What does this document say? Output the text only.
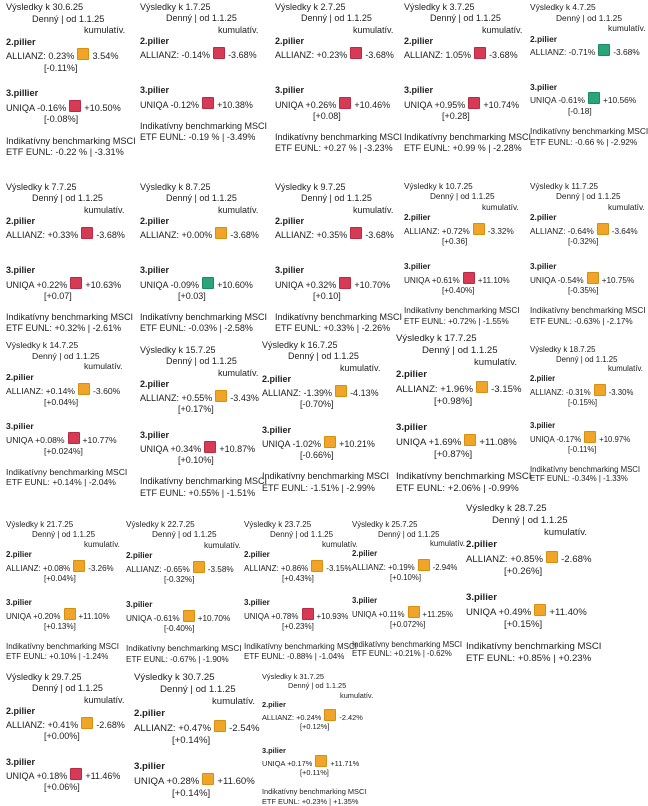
Výsledky k 30.6.25
Denný | od 1.1.25
kumulatív.
2.pilier
ALLIANZ: 0.23% 3.54%
[-0.11%]
3.pillier
UNIQA -0.16% +10.50%
[-0.08%]
Indikatívny benchmarking MSCI
ETF EUNL: -0.22 % | -3.31%
Výsledky k 1.7.25
Denný | od 1.1.25
kumulatív.
2.pilier
ALLIANZ: -0.14% -3.68%
3.pilier
UNIQA -0.12% +10.38%
Indikatívny benchmarking MSCI
ETF EUNL: -0.19 % | -3.49%
Výsledky k 2.7.25
Denný | od 1.1.25
kumulatív.
2.pilier
ALLIANZ: +0.23% -3.68%
3.pilier
UNIQA +0.26% +10.46%
[+0.08]
Indikatívny benchmarking MSCI
ETF EUNL: +0.27 % | -3.23%
Výsledky k 3.7.25
Denný | od 1.1.25
kumulatív.
2.pilier
ALLIANZ: 1.05% -3.68%
3.pilier
UNIQA +0.95% +10.74%
[+0.28]
Indikatívny benchmarking MSCI
ETF EUNL: +0.99 % | -2.28%
Výsledky k 4.7.25
Denný | od 1.1.25
kumulatív.
2.pilier
ALLIANZ: -0.71% -3.68%
3.pilier
UNIQA -0.61% +10.56%
[-0.18]
Indikatívny benchmarking MSCI
ETF EUNL: -0.66 % | -2.92%
Výsledky k 7.7.25
Denný | od 1.1.25
kumulatív.
2.pilier
ALLIANZ: +0.33% -3.68%
3.pilier
UNIQA +0.22% +10.63%
[+0.07]
Indikatívny benchmarking MSCI
ETF EUNL: +0.32% | -2.61%
Výsledky k 8.7.25
Denný | od 1.1.25
kumulatív.
2.pilier
ALLIANZ: +0.00% -3.68%
3.pilier
UNIQA -0.09% +10.60%
[+0.03]
Indikatívny benchmarking MSCI
ETF EUNL: -0.03% | -2.58%
Výsledky k 9.7.25
Denný | od 1.1.25
kumulatív.
2.pilier
ALLIANZ: +0.35% -3.68%
3.pilier
UNIQA +0.32% +10.70%
[+0.10]
Indikatívny benchmarking MSCI
ETF EUNL: +0.33% | -2.26%
Výsledky k 10.7.25
Denný | od 1.1.25
kumulatív.
2.pilier
ALLIANZ: +0.72% -3.32%
[+0.36]
3.pilier
UNIQA +0.61% +11.10%
[+0.40%]
Indikatívny benchmarking MSCI
ETF EUNL: +0.72% | -1.55%
Výsledky k 11.7.25
Denný | od 1.1.25
kumulatív.
2.pilier
ALLIANZ: -0.64% -3.64%
[-0.32%]
3.pilier
UNIQA -0.54% +10.75%
[-0.35%]
Indikatívny benchmarking MSCI
ETF EUNL: -0.63% | -2.17%
Výsledky k 14.7.25
Denný | od 1.1.25
kumulatív.
2.pilier
ALLIANZ: +0.14% -3.60%
[+0.04%]
3.pilier
UNIQA +0.08% +10.77%
[+0.024%]
Indikatívny benchmarking MSCI
ETF EUNL: +0.14% | -2.04%
Výsledky k 15.7.25
Denný | od 1.1.25
kumulatív.
2.pilier
ALLIANZ: +0.55% -3.43%
[+0.17%]
3.pilier
UNIQA +0.34% +10.87%
[+0.10%]
Indikatívny benchmarking MSCI
ETF EUNL: +0.55% | -1.51%
Výsledky k 16.7.25
Denný | od 1.1.25
kumulatív.
2.pilier
ALLIANZ: -1.39% -4.13%
[-0.70%]
3.pilier
UNIQA -1.02% +10.21%
[-0.66%]
Indikatívny benchmarking MSCI
ETF EUNL: -1.51% | -2.99%
Výsledky k 17.7.25
Denný | od 1.1.25
kumulatív.
2.pilier
ALLIANZ: +1.96% -3.15%
[+0.98%]
3.pilier
UNIQA +1.69% +11.08%
[+0.87%]
Indikatívny benchmarking MSCI
ETF EUNL: +2.06% | -0.99%
Výsledky k 18.7.25
Denný | od 1.1.25
kumulatív.
2.pilier
ALLIANZ: -0.31% -3.30%
[-0.15%]
3.pilier
UNIQA -0.17% +10.97%
[-0.11%]
Indikatívny benchmarking MSCI
ETF EUNL: -0.34% | -1.33%
Výsledky k 21.7.25
Denný | od 1.1.25
kumulatív.
2.pilier
ALLIANZ: +0.08% -3.26%
[+0.04%]
3.pilier
UNIQA +0.20% +11.10%
[+0.13%]
Indikatívny benchmarking MSCI
ETF EUNL: +0.10% | -1.24%
Výsledky k 22.7.25
Denný | od 1.1.25
kumulatív.
2.pilier
ALLIANZ: -0.65% -3.58%
[-0.32%]
3.pilier
UNIQA -0.61% +10.70%
[-0.40%]
Indikatívny benchmarking MSCI
ETF EUNL: -0.67% | -1.90%
Výsledky k 23.7.25
Denný | od 1.1.25
kumulatív.
2.pilier
ALLIANZ: +0.86% -3.15%
[+0.43%]
3.pilier
UNIQA +0.78% +10.93%
[+0.23%]
Indikatívny benchmarking MSCI
ETF EUNL: -0.88% | -1.04%
Výsledky k 25.7.25
Denný | od 1.1.25
kumulatív.
2.pilier
ALLIANZ: +0.19% -2.94%
[+0.10%]
3.pilier
UNIQA +0.11% +11.25%
[+0.072%]
Indikatívny benchmarking MSCI
ETF EUNL: +0.21% | -0.62%
Výsledky k 28.7.25
Denný | od 1.1.25
kumulatív.
2.pilier
ALLIANZ: +0.85% -2.68%
[+0.26%]
3.pilier
UNIQA +0.49% +11.40%
[+0.15%]
Indikatívny benchmarking MSCI
ETF EUNL: +0.85% | +0.23%
Výsledky k 29.7.25
Denný | od 1.1.25
kumulatív.
2.pilier
ALLIANZ: +0.41% -2.68%
[+0.00%]
3.pilier
UNIQA +0.18% +11.46%
[+0.06%]
Výsledky k 30.7.25
Denný | od 1.1.25
kumulatív.
2.pilier
ALLIANZ: +0.47% -2.54%
[+0.14%]
3.pilier
UNIQA +0.28% +11.60%
[+0.14%]
Výsledky k 31.7.25
Denný | od 1.1.25
kumulatív.
2.pilier
ALLIANZ: +0.24% -2.42%
[+0.12%]
3.pilier
UNIQA +0.17% +11.71%
[+0.11%]
Indikatívny benchmarking MSCI
ETF EUNL: +0.23% | +1.35%
